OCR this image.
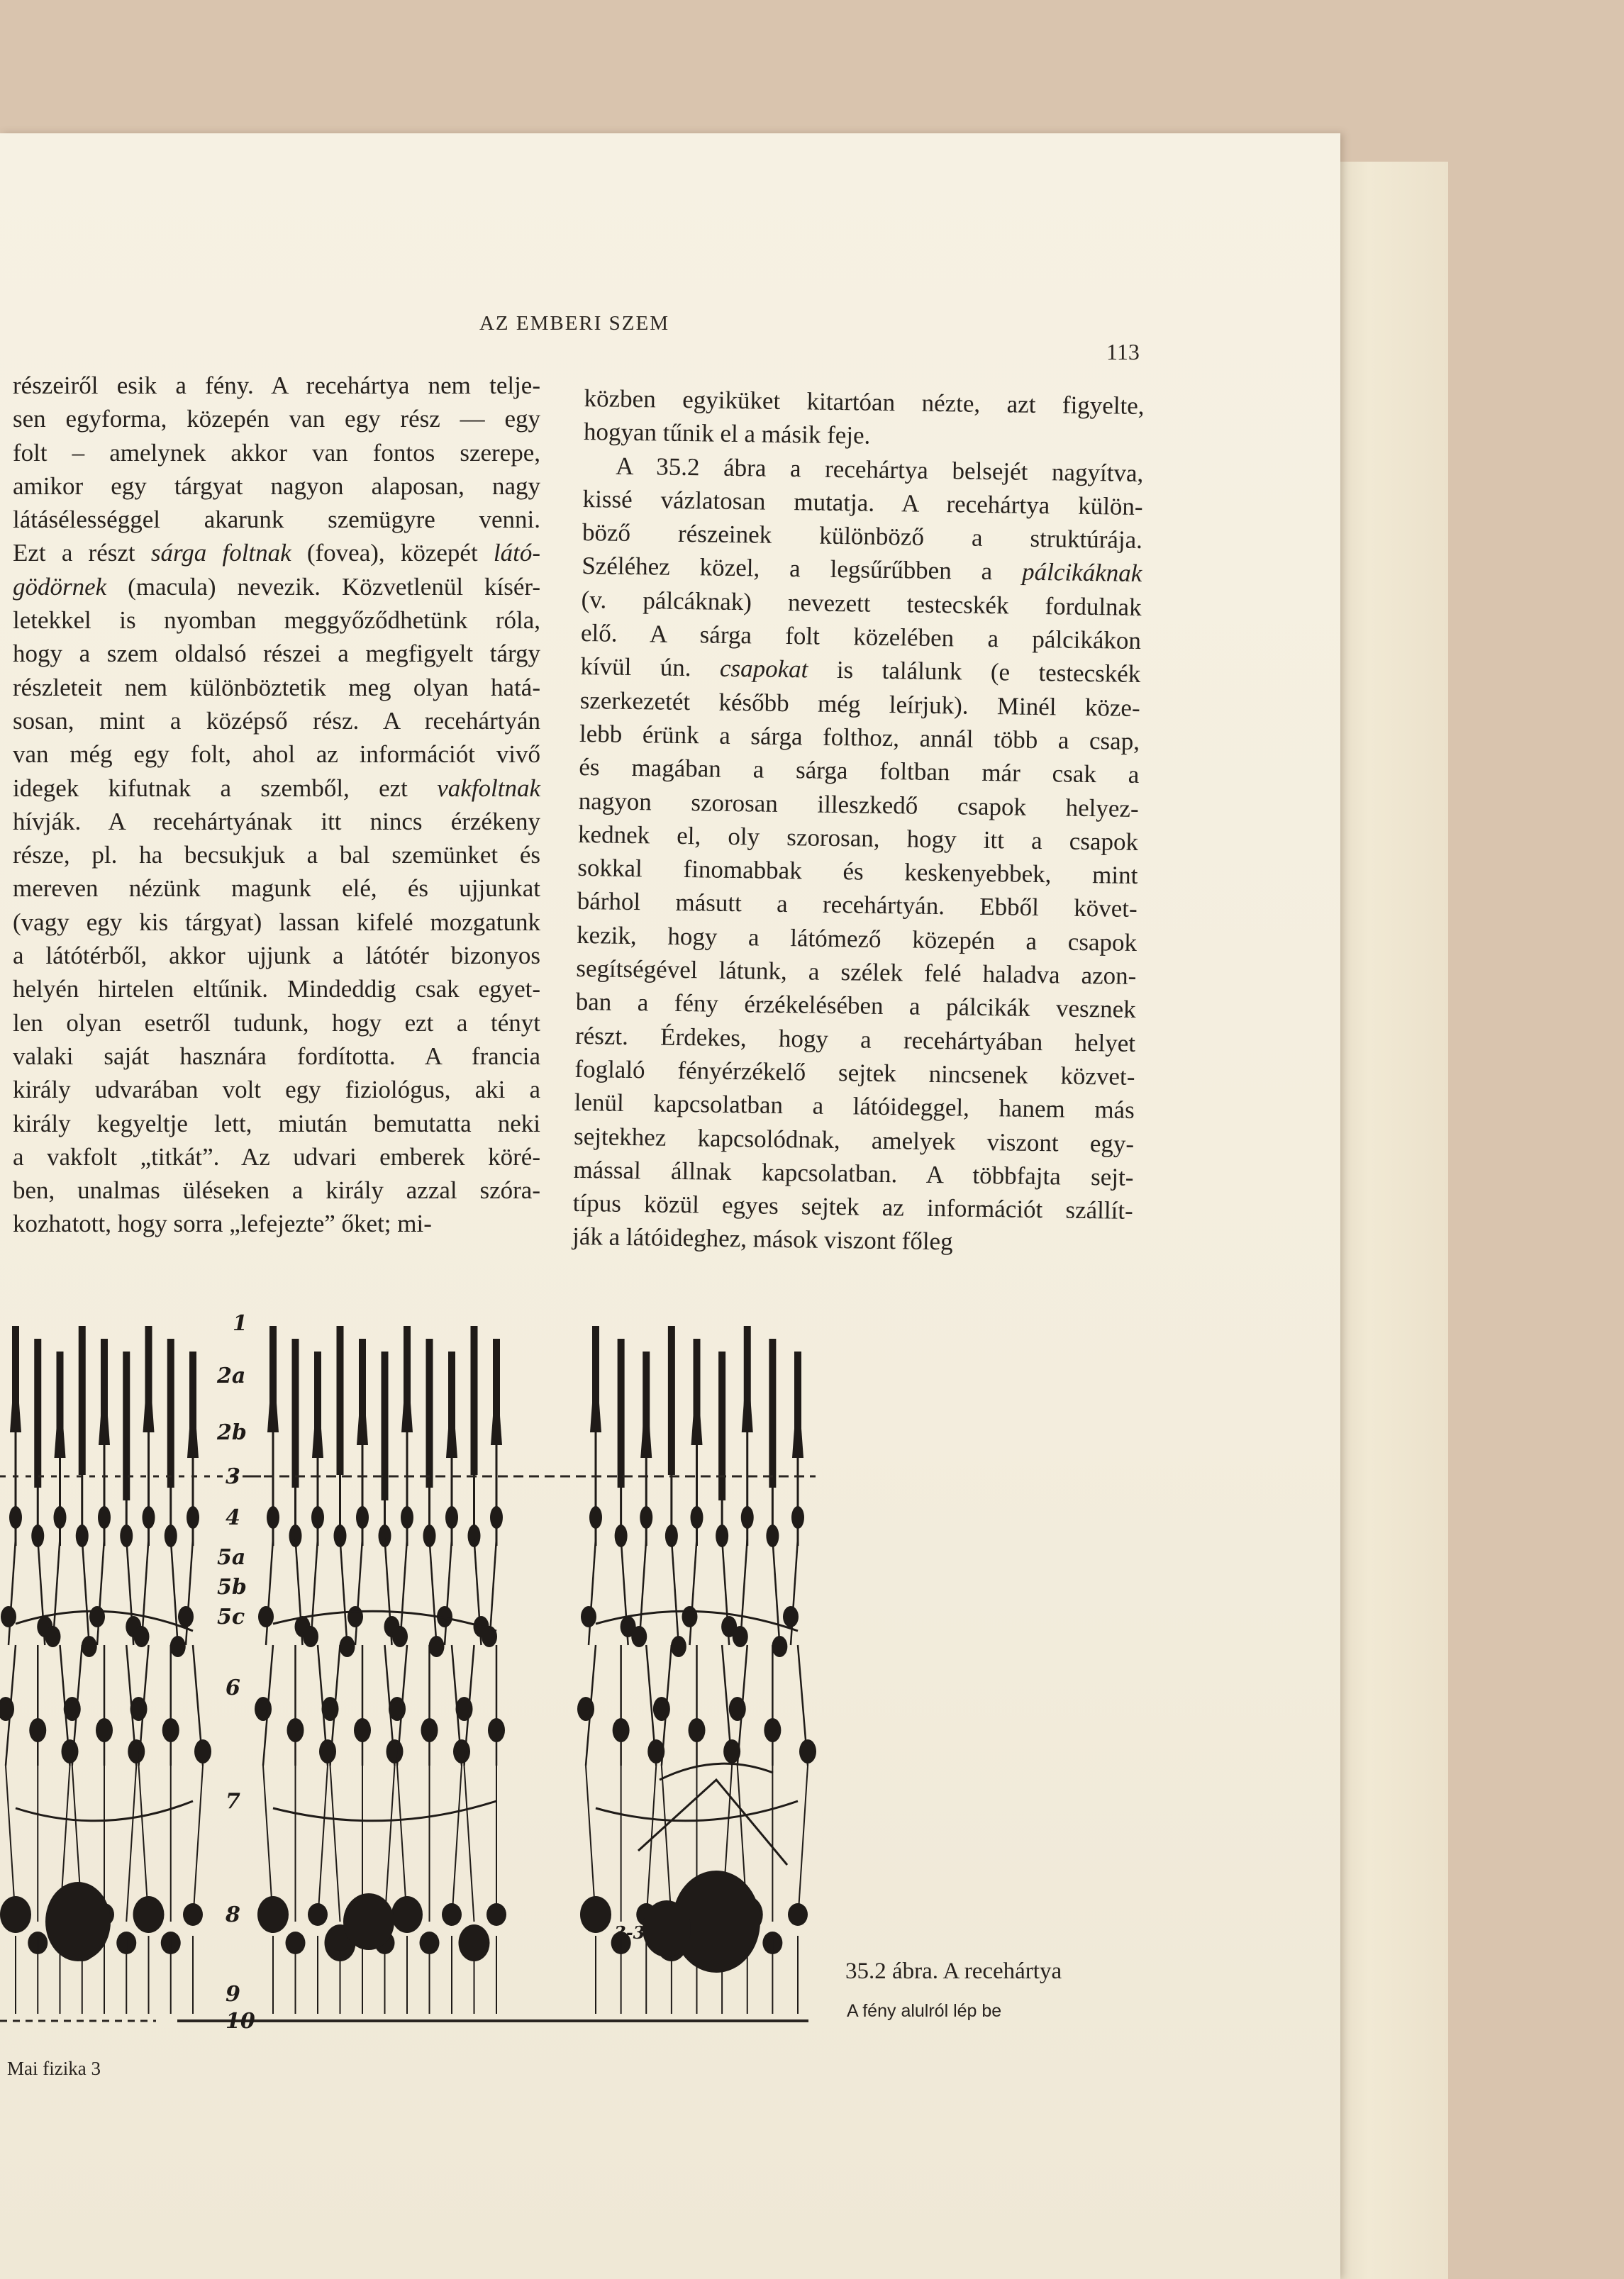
AZ EMBERI SZEM
113
részeiről esik a fény. A recehártya nem telje-
sen egyforma, közepén van egy rész — egy
folt – amelynek akkor van fontos szerepe,
amikor egy tárgyat nagyon alaposan, nagy
látásélességgel akarunk szemügyre venni.
Ezt a részt sárga foltnak (fovea), közepét látó-
gödörnek (macula) nevezik. Közvetlenül kísér-
letekkel is nyomban meggyőződhetünk róla,
hogy a szem oldalsó részei a megfigyelt tárgy
részleteit nem különböztetik meg olyan hatá-
sosan, mint a középső rész. A recehártyán
van még egy folt, ahol az információt vivő
idegek kifutnak a szemből, ezt vakfoltnak
hívják. A recehártyának itt nincs érzékeny
része, pl. ha becsukjuk a bal szemünket és
mereven nézünk magunk elé, és ujjunkat
(vagy egy kis tárgyat) lassan kifelé mozgatunk
a látótérből, akkor ujjunk a látótér bizonyos
helyén hirtelen eltűnik. Mindeddig csak egyet-
len olyan esetről tudunk, hogy ezt a tényt
valaki saját hasznára fordította. A francia
király udvarában volt egy fiziológus, aki a
király kegyeltje lett, miután bemutatta neki
a vakfolt „titkát”. Az udvari emberek köré-
ben, unalmas üléseken a király azzal szóra-
kozhatott, hogy sorra „lefejezte” őket; mi-
közben egyiküket kitartóan nézte, azt figyelte,
hogyan tűnik el a másik feje.
A 35.2 ábra a recehártya belsejét nagyítva,
kissé vázlatosan mutatja. A recehártya külön-
böző részeinek különböző a struktúrája.
Széléhez közel, a legsűrűbben a pálcikáknak
(v. pálcáknak) nevezett testecskék fordulnak
elő. A sárga folt közelében a pálcikákon
kívül ún. csapokat is találunk (e testecskék
szerkezetét később még leírjuk). Minél köze-
lebb érünk a sárga folthoz, annál több a csap,
és magában a sárga foltban már csak a
nagyon szorosan illeszkedő csapok helyez-
kednek el, oly szorosan, hogy itt a csapok
sokkal finomabbak és keskenyebbek, mint
bárhol másutt a recehártyán. Ebből követ-
kezik, hogy a látómező közepén a csapok
segítségével látunk, a szélek felé haladva azon-
ban a fény érzékelésében a pálcikák vesznek
részt. Érdekes, hogy a recehártyában helyet
foglaló fényérzékelő sejtek nincsenek közvet-
lenül kapcsolatban a látóideggel, hanem más
sejtekhez kapcsolódnak, amelyek viszont egy-
mással állnak kapcsolatban. A többfajta sejt-
típus közül egyes sejtek az információt szállít-
ják a látóideghez, mások viszont főleg
1
2a
2b
3
4
5a
5b
5c
6
7
8
9
10
3-3
35.2 ábra. A recehártya
A fény alulról lép be
Mai fizika 3
